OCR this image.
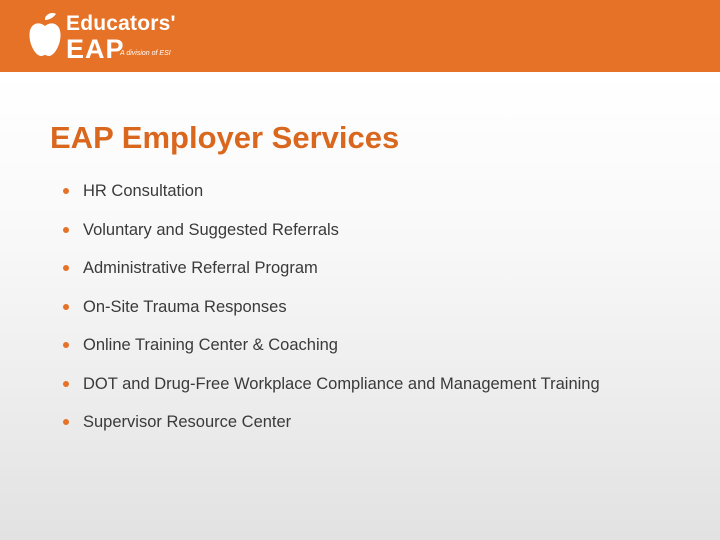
Educators'
EAP
A division of ESI
EAP Employer Services
HR Consultation
Voluntary and Suggested Referrals
Administrative Referral Program
On-Site Trauma Responses
Online Training Center & Coaching
DOT and Drug-Free Workplace Compliance and Management Training
Supervisor Resource Center
